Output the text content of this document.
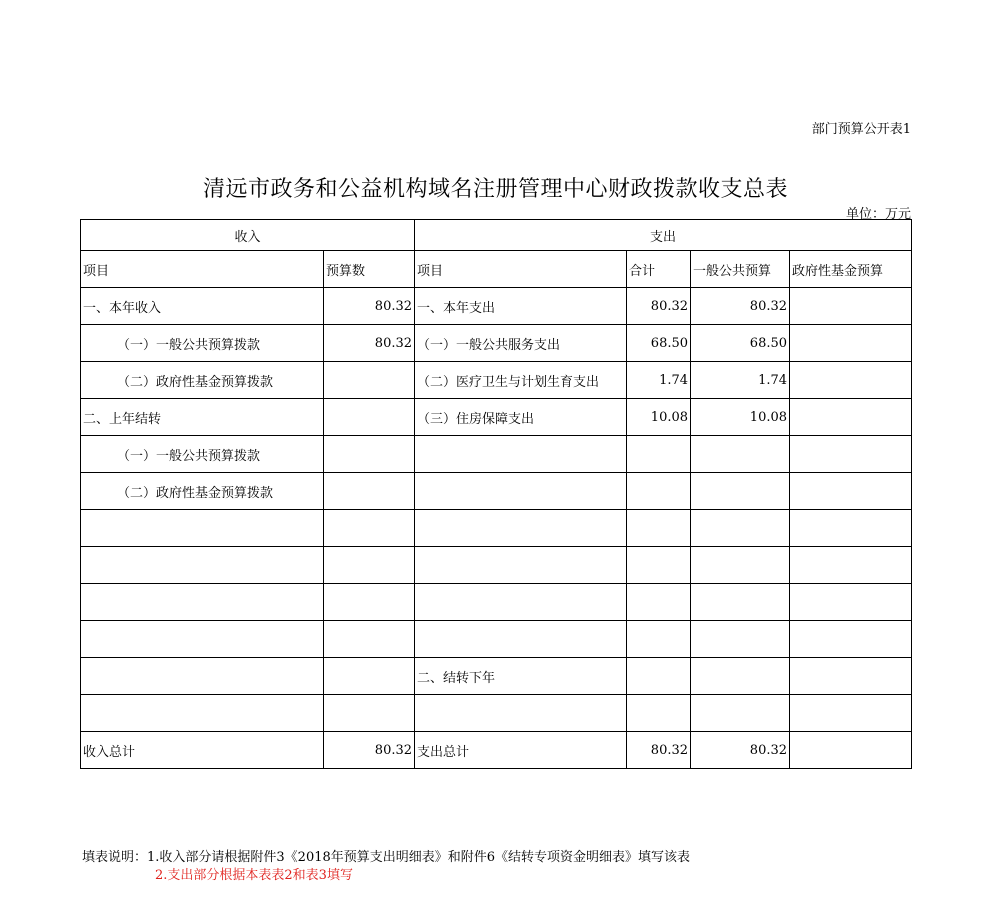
部门预算公开表1
清远市政务和公益机构域名注册管理中心财政拨款收支总表
单位：万元
收入		支出			
项目	预算数	项目	合计	一般公共预算	政府性基金预算
一、本年收入	80.32	一、本年支出	80.32	80.32	
（一）一般公共预算拨款	80.32	（一）一般公共服务支出	68.50	68.50	
（二）政府性基金预算拨款		（二）医疗卫生与计划生育支出	1.74	1.74	
二、上年结转		（三）住房保障支出	10.08	10.08	
（一）一般公共预算拨款					
（二）政府性基金预算拨款					

		二、结转下年			

收入总计	80.32	支出总计	80.32	80.32	
填表说明：1.收入部分请根据附件3《2018年预算支出明细表》和附件6《结转专项资金明细表》填写该表
2.支出部分根据本表表2和表3填写
